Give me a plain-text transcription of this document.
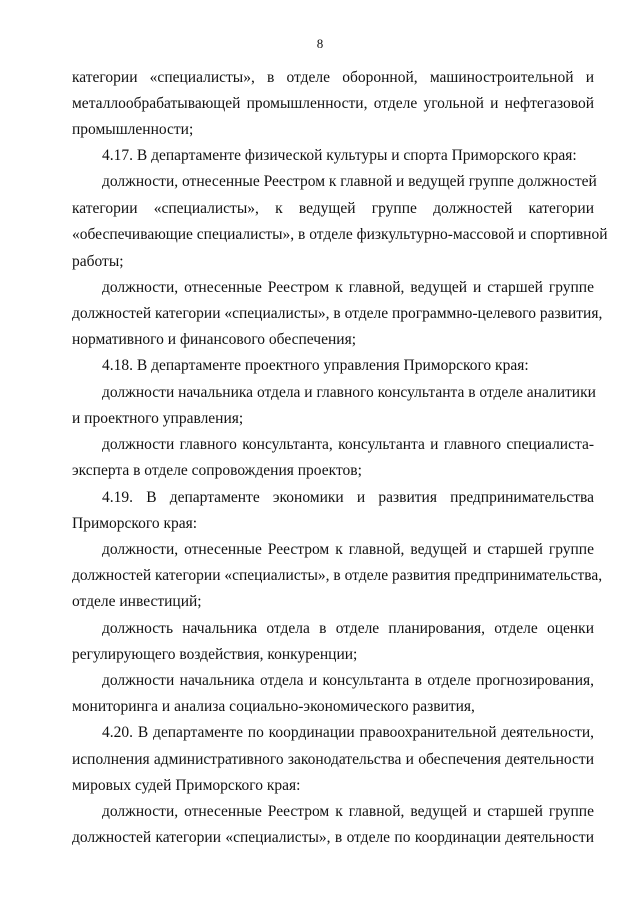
8
категории «специалисты», в отделе оборонной, машиностроительной и
металлообрабатывающей промышленности, отделе угольной и нефтегазовой
промышленности;
4.17. В департаменте физической культуры и спорта Приморского края:
должности, отнесенные Реестром к главной и ведущей группе должностей
категории «специалисты», к ведущей группе должностей категории
«обеспечивающие специалисты», в отделе физкультурно-массовой и спортивной
работы;
должности, отнесенные Реестром к главной, ведущей и старшей группе
должностей категории «специалисты», в отделе программно-целевого развития,
нормативного и финансового обеспечения;
4.18. В департаменте проектного управления Приморского края:
должности начальника отдела и главного консультанта в отделе аналитики
и проектного управления;
должности главного консультанта, консультанта и главного специалиста-
эксперта в отделе сопровождения проектов;
4.19. В департаменте экономики и развития предпринимательства
Приморского края:
должности, отнесенные Реестром к главной, ведущей и старшей группе
должностей категории «специалисты», в отделе развития предпринимательства,
отделе инвестиций;
должность начальника отдела в отделе планирования, отделе оценки
регулирующего воздействия, конкуренции;
должности начальника отдела и консультанта в отделе прогнозирования,
мониторинга и анализа социально-экономического развития,
4.20. В департаменте по координации правоохранительной деятельности,
исполнения административного законодательства и обеспечения деятельности
мировых судей Приморского края:
должности, отнесенные Реестром к главной, ведущей и старшей группе
должностей категории «специалисты», в отделе по координации деятельности
